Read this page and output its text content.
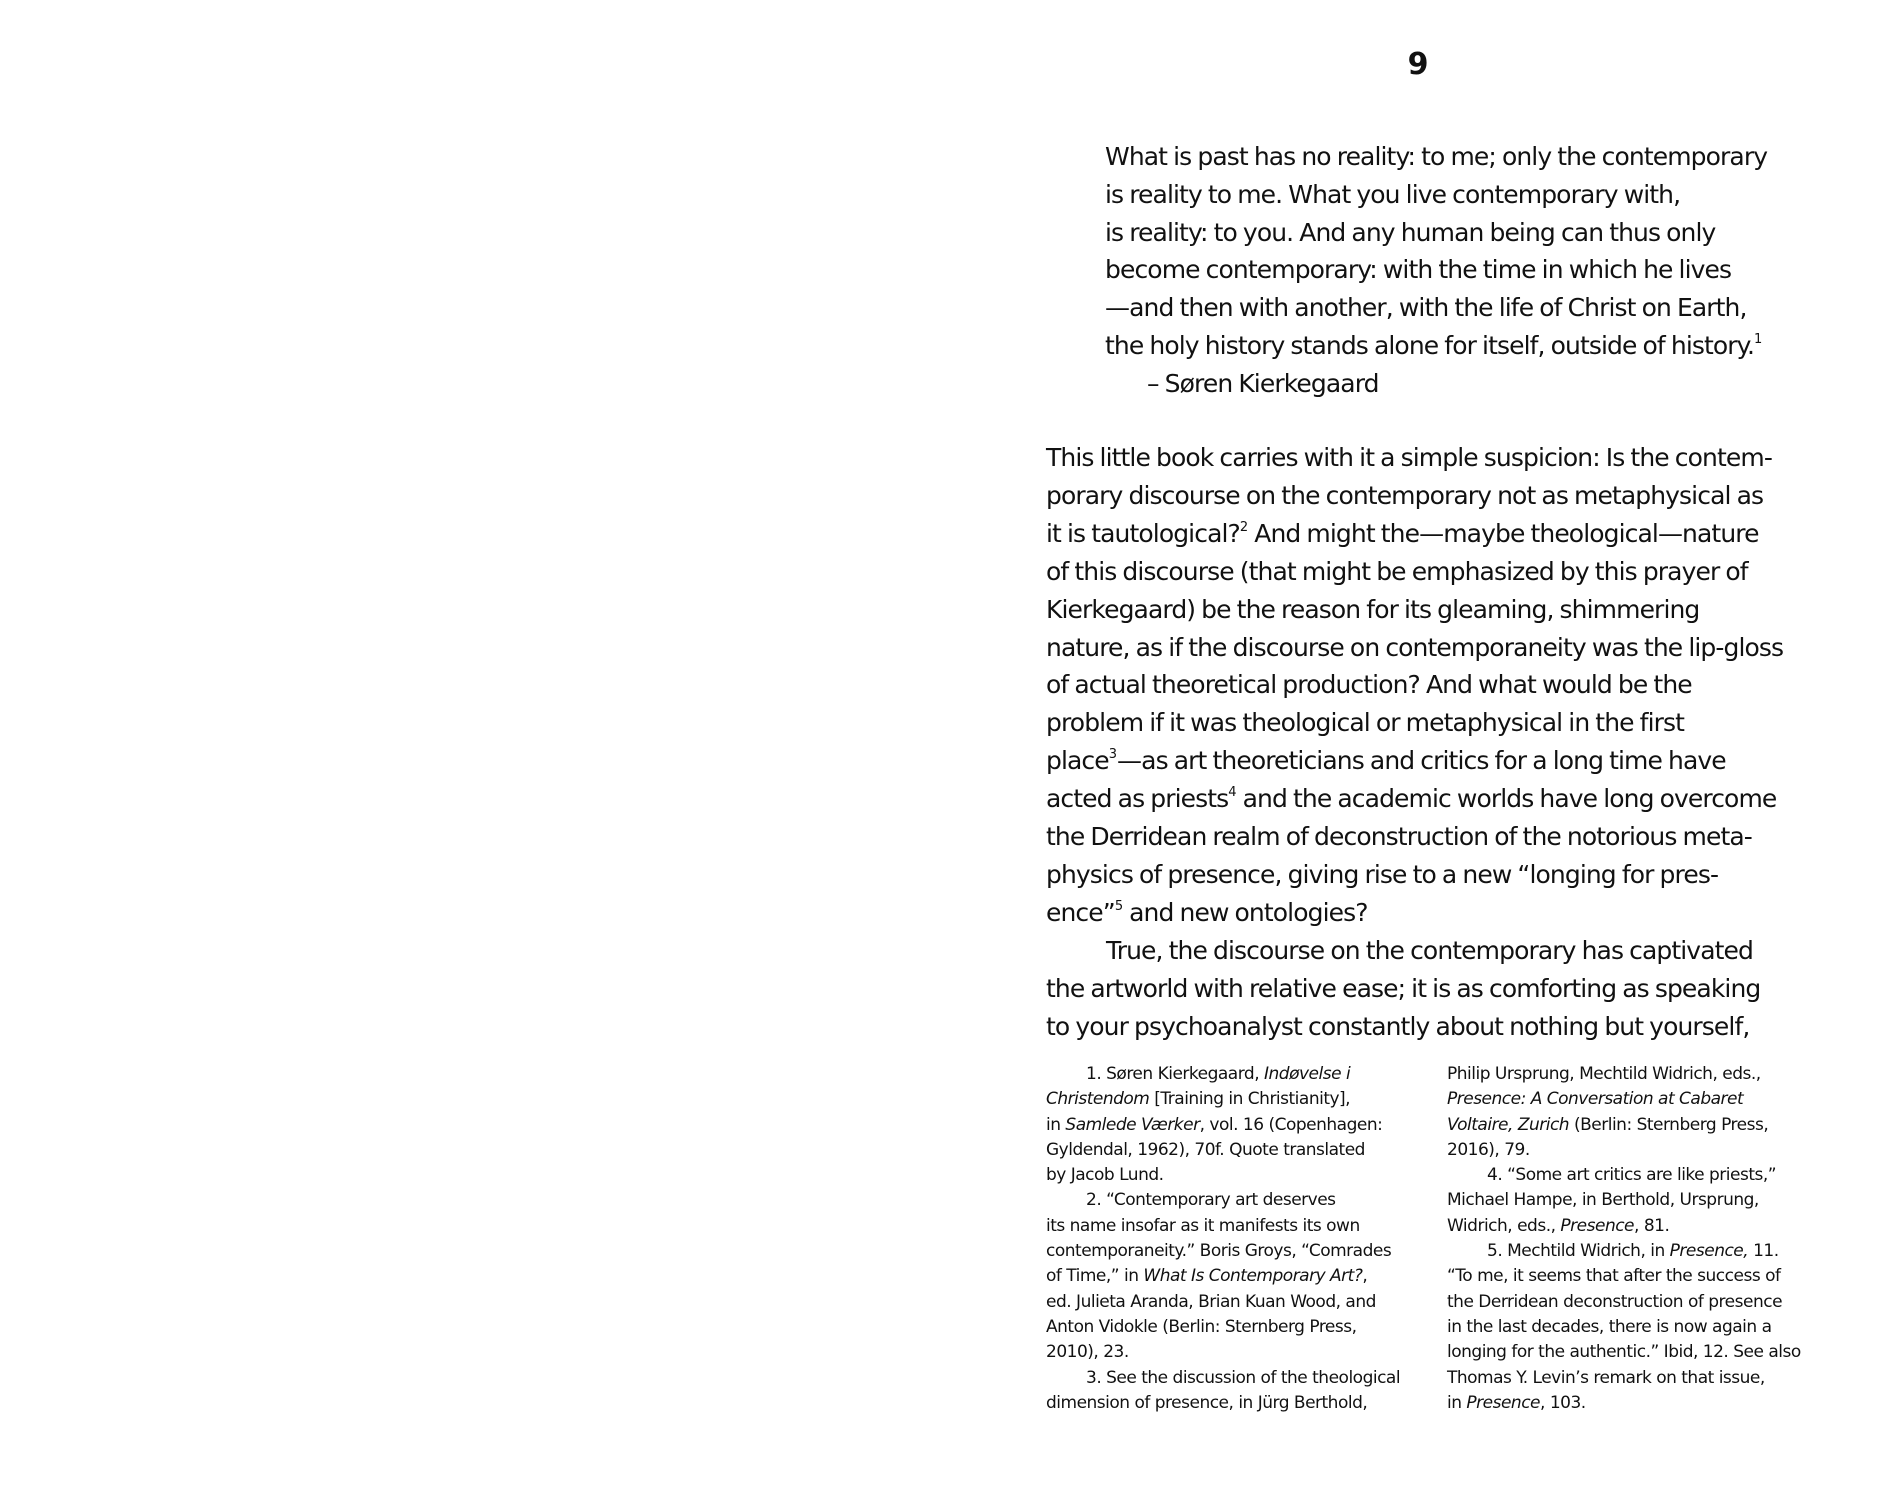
9
What is past has no reality: to me; only the contemporary
is reality to me. What you live contemporary with,
is reality: to you. And any human being can thus only
become contemporary: with the time in which he lives
—and then with another, with the life of Christ on Earth,
the holy history stands alone for itself, outside of history.$^1$
– Søren Kierkegaard
This little book carries with it a simple suspicion: Is the contem-
porary discourse on the contemporary not as metaphysical as
it is tautological?$^2$ And might the—maybe theological—nature
of this discourse (that might be emphasized by this prayer of
Kierkegaard) be the reason for its gleaming, shimmering
nature, as if the discourse on contemporaneity was the lip-gloss
of actual theoretical production? And what would be the
problem if it was theological or metaphysical in the first
place$^3$—as art theoreticians and critics for a long time have
acted as priests$^4$ and the academic worlds have long overcome
the Derridean realm of deconstruction of the notorious meta-
physics of presence, giving rise to a new “longing for pres-
ence”$^5$ and new ontologies?
True, the discourse on the contemporary has captivated
the artworld with relative ease; it is as comforting as speaking
to your psychoanalyst constantly about nothing but yourself,
1. Søren Kierkegaard, Indøvelse i
Christendom [Training in Christianity],
in Samlede Værker, vol. 16 (Copenhagen:
Gyldendal, 1962), 70f. Quote translated
by Jacob Lund.
2. “Contemporary art deserves
its name insofar as it manifests its own
contemporaneity.” Boris Groys, “Comrades
of Time,” in What Is Contemporary Art?,
ed. Julieta Aranda, Brian Kuan Wood, and
Anton Vidokle (Berlin: Sternberg Press,
2010), 23.
3. See the discussion of the theological
dimension of presence, in Jürg Berthold,
Philip Ursprung, Mechtild Widrich, eds.,
Presence: A Conversation at Cabaret
Voltaire, Zurich (Berlin: Sternberg Press,
2016), 79.
4. “Some art critics are like priests,”
Michael Hampe, in Berthold, Ursprung,
Widrich, eds., Presence, 81.
5. Mechtild Widrich, in Presence, 11.
“To me, it seems that after the success of
the Derridean deconstruction of presence
in the last decades, there is now again a
longing for the authentic.” Ibid, 12. See also
Thomas Y. Levin’s remark on that issue,
in Presence, 103.
